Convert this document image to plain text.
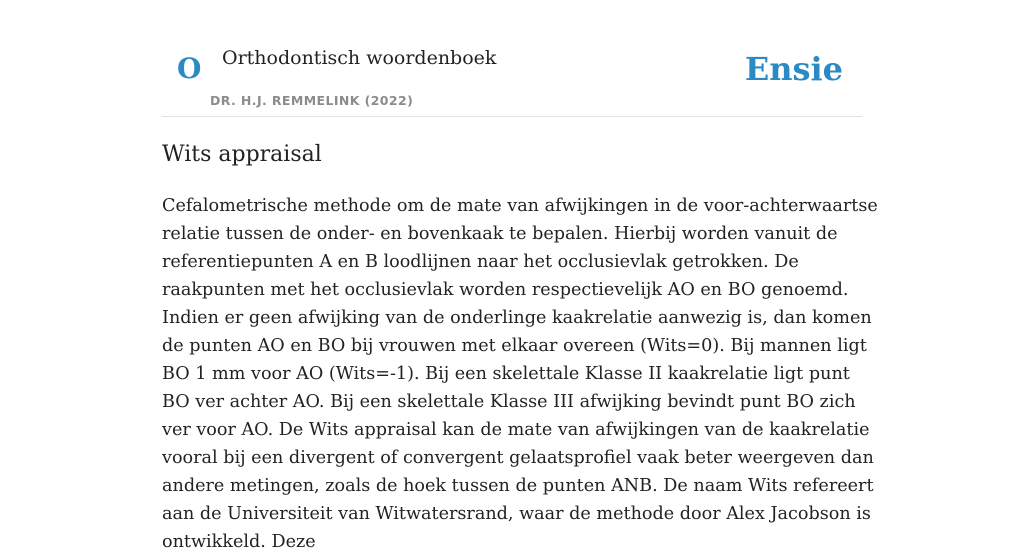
O Orthodontisch woordenboek
DR. H.J. REMMELINK (2022)
Ensie
Wits appraisal

Cefalometrische methode om de mate van afwijkingen in de voor-achterwaartse relatie tussen de onder- en bovenkaak te bepalen. Hierbij worden vanuit de referentiepunten A en B loodlijnen naar het occlusievlak getrokken. De raakpunten met het occlusievlak worden respectievelijk AO en BO genoemd. Indien er geen afwijking van de onderlinge kaakrelatie aanwezig is, dan komen de punten AO en BO bij vrouwen met elkaar overeen (Wits=0). Bij mannen ligt BO 1 mm voor AO (Wits=-1). Bij een skelettale Klasse II kaakrelatie ligt punt BO ver achter AO. Bij een skelettale Klasse III afwijking bevindt punt BO zich ver voor AO. De Wits appraisal kan de mate van afwijkingen van de kaakrelatie vooral bij een divergent of convergent gelaatsprofiel vaak beter weergeven dan andere metingen, zoals de hoek tussen de punten ANB. De naam Wits refereert aan de Universiteit van Witwatersrand, waar de methode door Alex Jacobson is ontwikkeld. Deze
